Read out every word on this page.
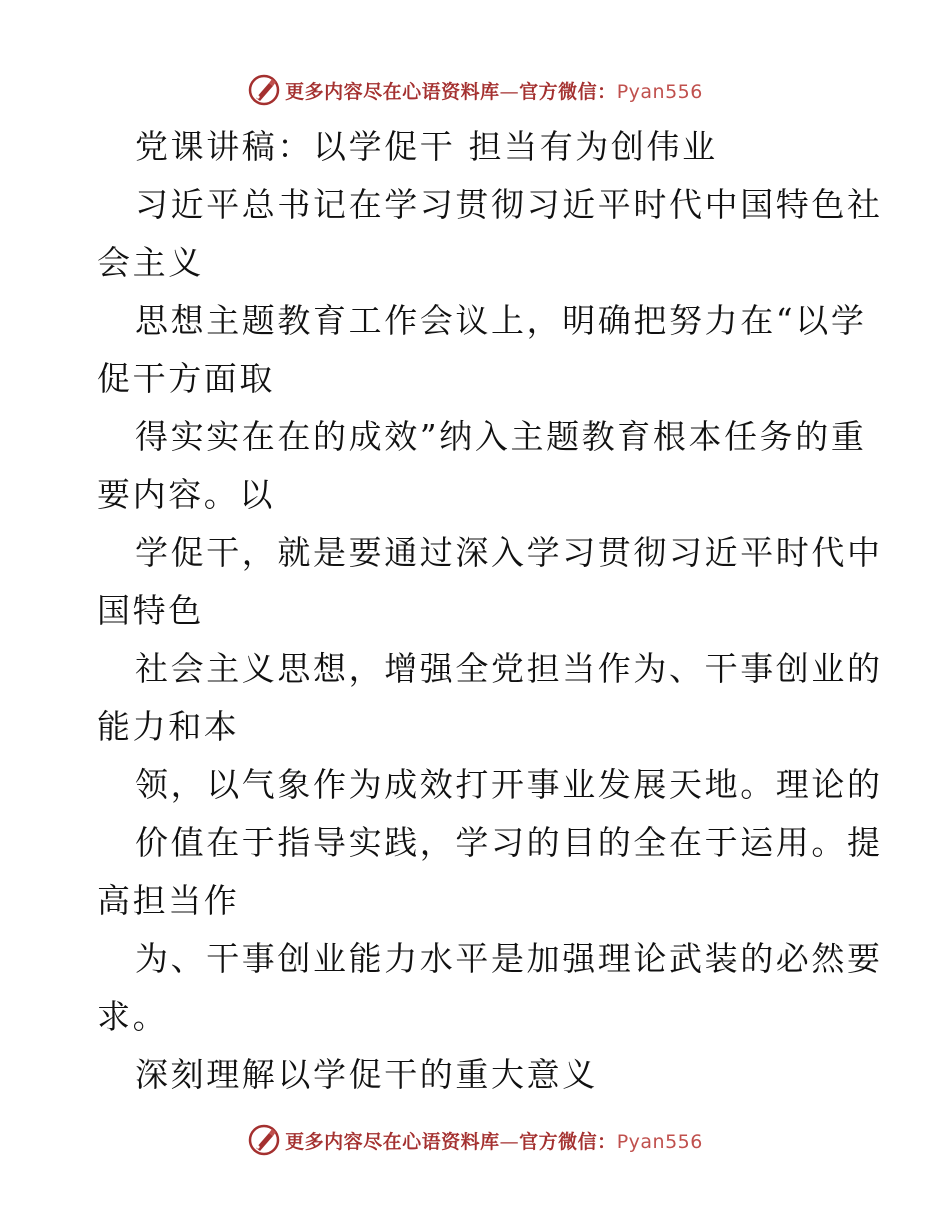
更多内容尽在心语资料库—官方微信：Pyan556
党课讲稿：以学促干 担当有为创伟业
习近平总书记在学习贯彻习近平时代中国特色社
会主义
思想主题教育工作会议上，明确把努力在“以学
促干方面取
得实实在在的成效”纳入主题教育根本任务的重
要内容。以
学促干，就是要通过深入学习贯彻习近平时代中
国特色
社会主义思想，增强全党担当作为、干事创业的
能力和本
领，以气象作为成效打开事业发展天地。理论的
价值在于指导实践，学习的目的全在于运用。提
高担当作
为、干事创业能力水平是加强理论武装的必然要
求。
深刻理解以学促干的重大意义
更多内容尽在心语资料库—官方微信：Pyan556
